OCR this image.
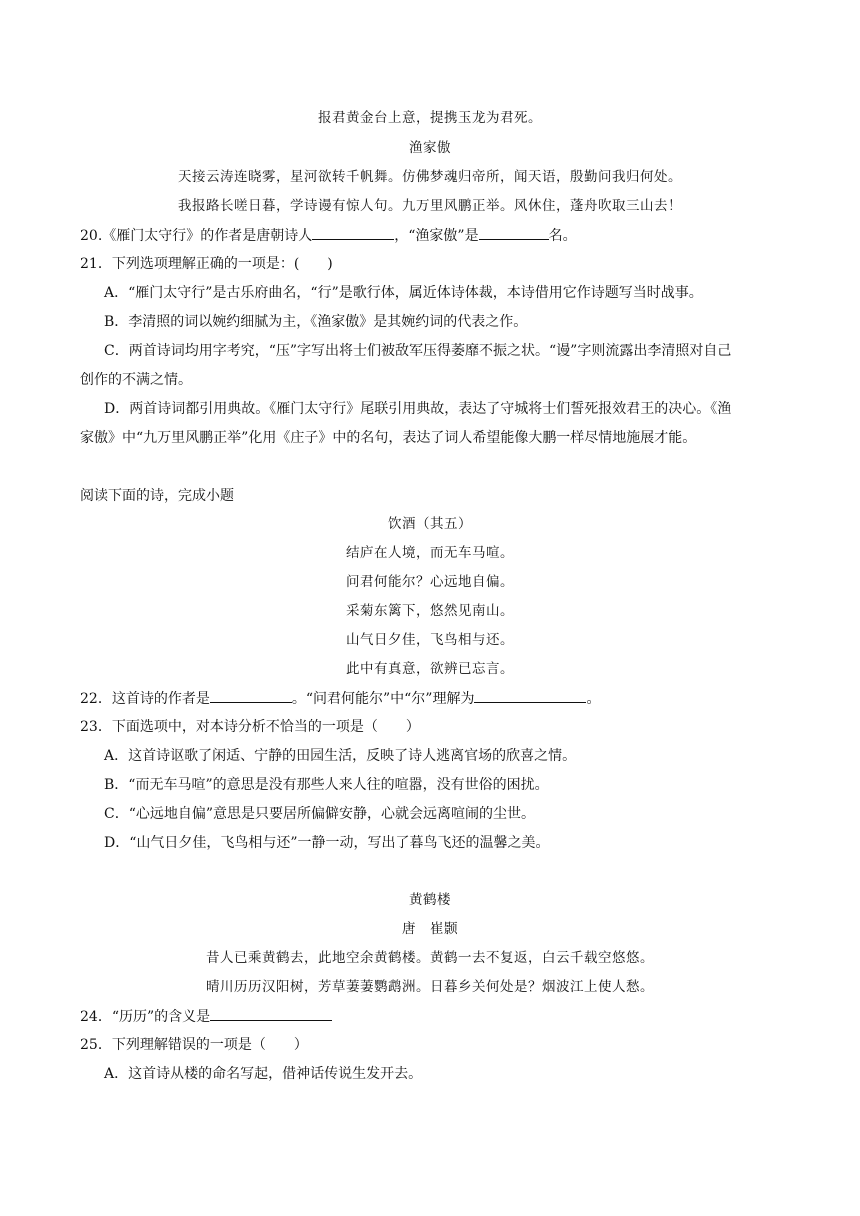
报君黄金台上意，提携玉龙为君死。
渔家傲
天接云涛连晓雾，星河欲转千帆舞。仿佛梦魂归帝所，闻天语，殷勤问我归何处。
我报路长嗟日暮，学诗谩有惊人句。九万里风鹏正举。风休住，蓬舟吹取三山去！
20.《雁门太守行》的作者是唐朝诗人	，“渔家傲”是	名。
21．下列选项理解正确的一项是：(　　)
A．“雁门太守行”是古乐府曲名，“行”是歌行体，属近体诗体裁，本诗借用它作诗题写当时战事。
B．李清照的词以婉约细腻为主，《渔家傲》是其婉约词的代表之作。
C．两首诗词均用字考究，“压”字写出将士们被敌军压得萎靡不振之状。“谩”字则流露出李清照对自己
创作的不满之情。
D．两首诗词都引用典故。《雁门太守行》尾联引用典故，表达了守城将士们誓死报效君王的决心。《渔
家傲》中“九万里风鹏正举”化用《庄子》中的名句，表达了词人希望能像大鹏一样尽情地施展才能。
阅读下面的诗，完成小题
饮酒（其五）
结庐在人境，而无车马喧。
问君何能尔？心远地自偏。
采菊东篱下，悠然见南山。
山气日夕佳，飞鸟相与还。
此中有真意，欲辨已忘言。
22．这首诗的作者是	。“问君何能尔”中“尔”理解为	。
23．下面选项中，对本诗分析不恰当的一项是（　　）
A．这首诗讴歌了闲适、宁静的田园生活，反映了诗人逃离官场的欣喜之情。
B．“而无车马喧”的意思是没有那些人来人往的喧嚣，没有世俗的困扰。
C．“心远地自偏”意思是只要居所偏僻安静，心就会远离喧闹的尘世。
D．“山气日夕佳，飞鸟相与还”一静一动，写出了暮鸟飞还的温馨之美。
黄鹤楼
唐　崔颢
昔人已乘黄鹤去，此地空余黄鹤楼。黄鹤一去不复返，白云千载空悠悠。
晴川历历汉阳树，芳草萋萋鹦鹉洲。日暮乡关何处是？烟波江上使人愁。
24．“历历”的含义是
25．下列理解错误的一项是（　　）
A．这首诗从楼的命名写起，借神话传说生发开去。
